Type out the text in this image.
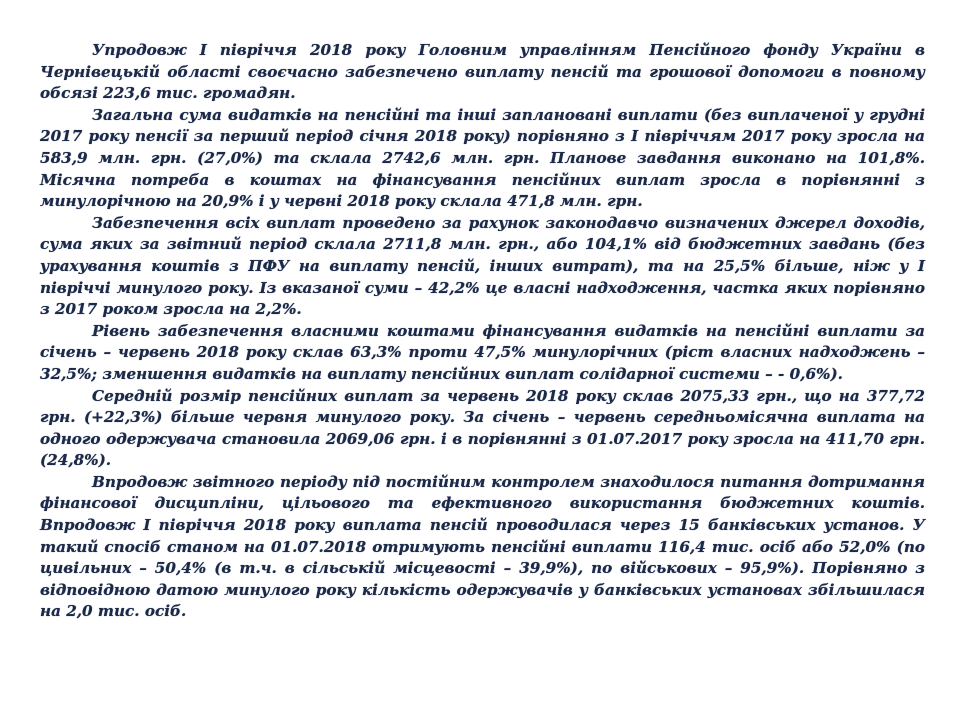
Упродовж І півріччя 2018 року Головним управлінням Пенсійного фонду України в Чернівецькій області своєчасно забезпечено виплату пенсій та грошової допомоги в повному обсязі 223,6 тис. громадян.

Загальна сума видатків на пенсійні та інші заплановані виплати (без виплаченої у грудні 2017 року пенсії за перший період січня 2018 року) порівняно з І півріччям 2017 року зросла на 583,9 млн. грн. (27,0%) та склала 2742,6 млн. грн. Планове завдання виконано на 101,8%. Місячна потреба в коштах на фінансування пенсійних виплат зросла в порівнянні з минулорічною на 20,9% і у червні 2018 року склала 471,8 млн. грн.

Забезпечення всіх виплат проведено за рахунок законодавчо визначених джерел доходів, сума яких за звітний період склала 2711,8 млн. грн., або 104,1% від бюджетних завдань (без урахування коштів з ПФУ на виплату пенсій, інших витрат), та на 25,5% більше, ніж у І півріччі минулого року. Із вказаної суми – 42,2% це власні надходження, частка яких порівняно з 2017 роком зросла на 2,2%.

Рівень забезпечення власними коштами фінансування видатків на пенсійні виплати за січень – червень 2018 року склав 63,3% проти 47,5% минулорічних (ріст власних надходжень – 32,5%; зменшення видатків на виплату пенсійних виплат солідарної системи – - 0,6%).

Середній розмір пенсійних виплат за червень 2018 року склав 2075,33 грн., що на 377,72 грн. (+22,3%) більше червня минулого року. За січень – червень середньомісячна виплата на одного одержувача становила 2069,06 грн. і в порівнянні з 01.07.2017 року зросла на 411,70 грн. (24,8%).

Впродовж звітного періоду під постійним контролем знаходилося питання дотримання фінансової дисципліни, цільового та ефективного використання бюджетних коштів. Впродовж І півріччя 2018 року виплата пенсій проводилася через 15 банківських установ. У такий спосіб станом на 01.07.2018 отримують пенсійні виплати 116,4 тис. осіб або 52,0% (по цивільних – 50,4% (в т.ч. в сільській місцевості – 39,9%), по військових – 95,9%). Порівняно з відповідною датою минулого року кількість одержувачів у банківських установах збільшилася на 2,0 тис. осіб.
